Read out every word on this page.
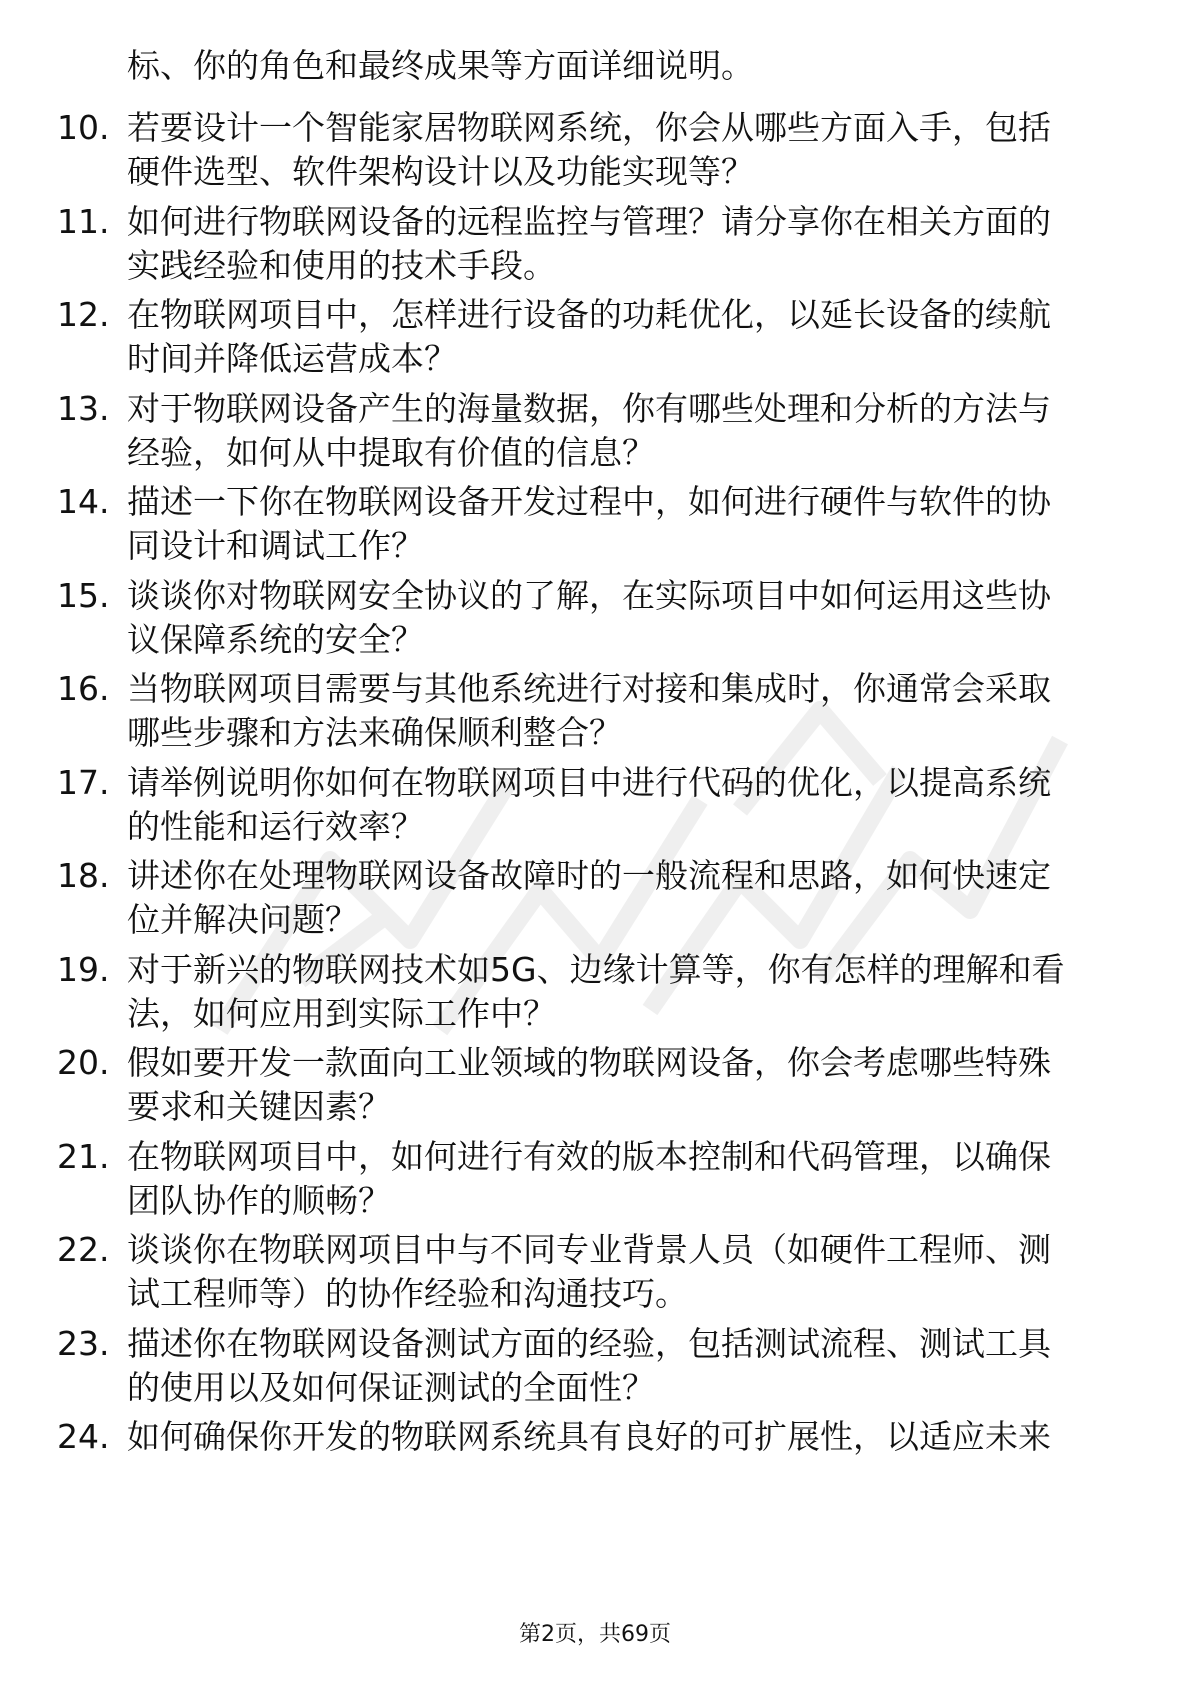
标、你的角色和最终成果等方面详细说明。
10. 若要设计一个智能家居物联网系统，你会从哪些方面入手，包括
硬件选型、软件架构设计以及功能实现等？
11. 如何进行物联网设备的远程监控与管理？请分享你在相关方面的
实践经验和使用的技术手段。
12. 在物联网项目中，怎样进行设备的功耗优化，以延长设备的续航
时间并降低运营成本？
13. 对于物联网设备产生的海量数据，你有哪些处理和分析的方法与
经验，如何从中提取有价值的信息？
14. 描述一下你在物联网设备开发过程中，如何进行硬件与软件的协
同设计和调试工作？
15. 谈谈你对物联网安全协议的了解，在实际项目中如何运用这些协
议保障系统的安全？
16. 当物联网项目需要与其他系统进行对接和集成时，你通常会采取
哪些步骤和方法来确保顺利整合？
17. 请举例说明你如何在物联网项目中进行代码的优化，以提高系统
的性能和运行效率？
18. 讲述你在处理物联网设备故障时的一般流程和思路，如何快速定
位并解决问题？
19. 对于新兴的物联网技术如5G、边缘计算等，你有怎样的理解和看
法，如何应用到实际工作中？
20. 假如要开发一款面向工业领域的物联网设备，你会考虑哪些特殊
要求和关键因素？
21. 在物联网项目中，如何进行有效的版本控制和代码管理，以确保
团队协作的顺畅？
22. 谈谈你在物联网项目中与不同专业背景人员（如硬件工程师、测
试工程师等）的协作经验和沟通技巧。
23. 描述你在物联网设备测试方面的经验，包括测试流程、测试工具
的使用以及如何保证测试的全面性？
24. 如何确保你开发的物联网系统具有良好的可扩展性，以适应未来
第2页，共69页
